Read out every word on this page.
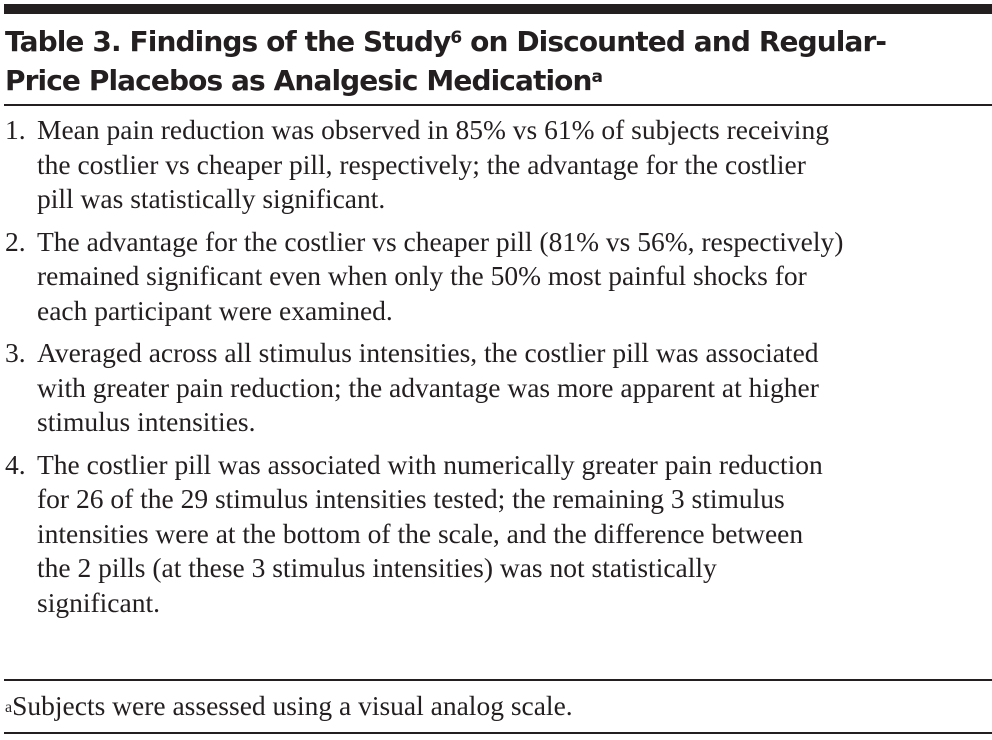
Table 3. Findings of the Study$^6$ on Discounted and Regular-
Price Placebos as Analgesic Medication$^a$
1. Mean pain reduction was observed in 85% vs 61% of subjects receiving
the costlier vs cheaper pill, respectively; the advantage for the costlier
pill was statistically significant.
2. The advantage for the costlier vs cheaper pill (81% vs 56%, respectively)
remained significant even when only the 50% most painful shocks for
each participant were examined.
3. Averaged across all stimulus intensities, the costlier pill was associated
with greater pain reduction; the advantage was more apparent at higher
stimulus intensities.
4. The costlier pill was associated with numerically greater pain reduction
for 26 of the 29 stimulus intensities tested; the remaining 3 stimulus
intensities were at the bottom of the scale, and the difference between
the 2 pills (at these 3 stimulus intensities) was not statistically
significant.
$^a$Subjects were assessed using a visual analog scale.
